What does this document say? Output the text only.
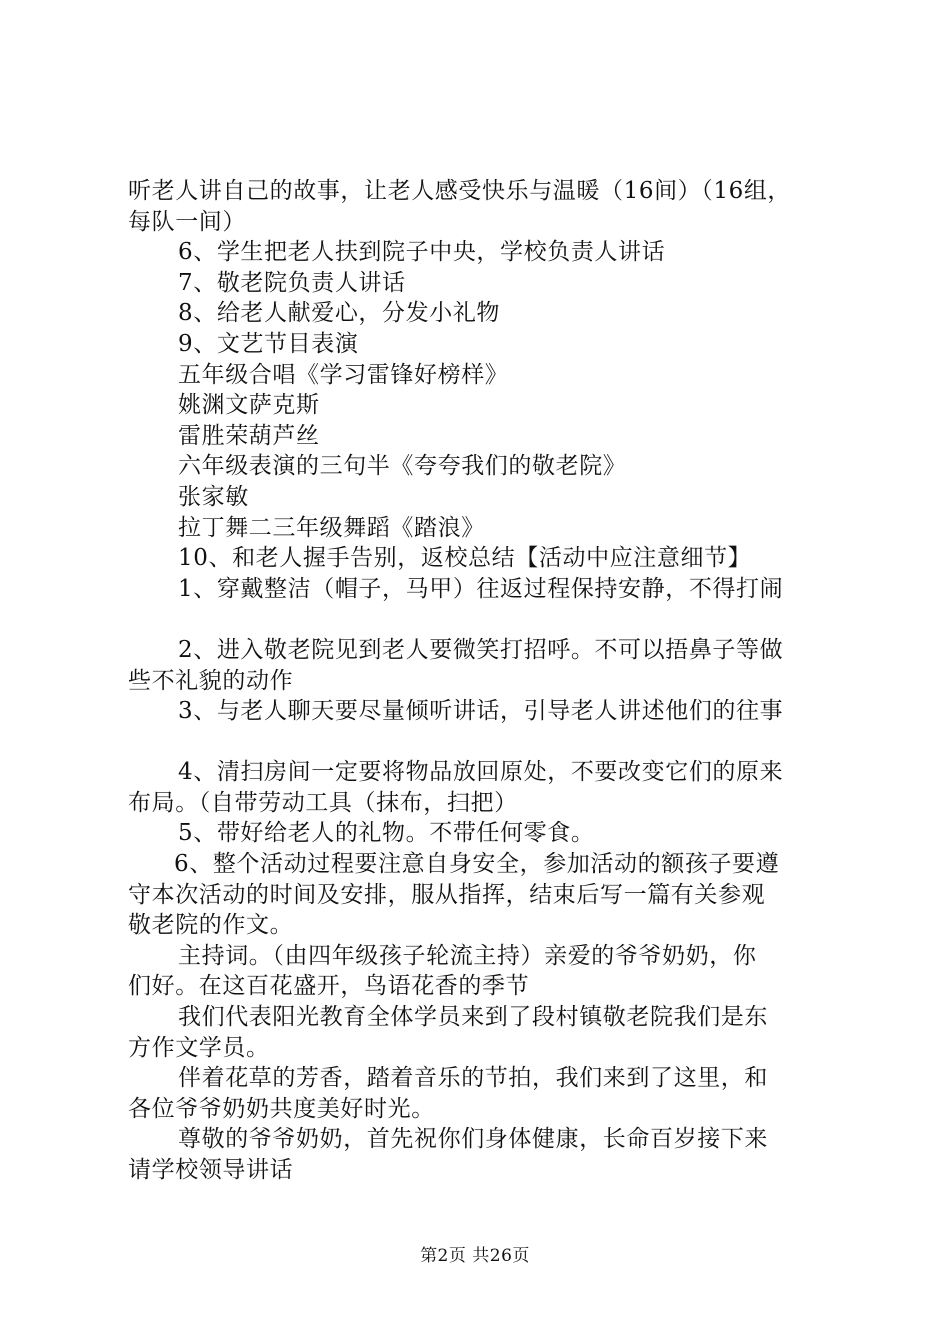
听老人讲自己的故事，让老人感受快乐与温暖（16间）（16组，
每队一间）
6、学生把老人扶到院子中央，学校负责人讲话
7、敬老院负责人讲话
8、给老人献爱心，分发小礼物
9、文艺节目表演
五年级合唱《学习雷锋好榜样》
姚渊文萨克斯
雷胜荣葫芦丝
六年级表演的三句半《夸夸我们的敬老院》
张家敏
拉丁舞二三年级舞蹈《踏浪》
10、和老人握手告别，返校总结【活动中应注意细节】
1、穿戴整洁（帽子，马甲）往返过程保持安静，不得打闹
2、进入敬老院见到老人要微笑打招呼。不可以捂鼻子等做
些不礼貌的动作
3、与老人聊天要尽量倾听讲话，引导老人讲述他们的往事
4、清扫房间一定要将物品放回原处，不要改变它们的原来
布局。（自带劳动工具（抹布，扫把）
5、带好给老人的礼物。不带任何零食。
6、整个活动过程要注意自身安全，参加活动的额孩子要遵
守本次活动的时间及安排，服从指挥，结束后写一篇有关参观
敬老院的作文。
主持词。（由四年级孩子轮流主持）亲爱的爷爷奶奶，你
们好。在这百花盛开，鸟语花香的季节
我们代表阳光教育全体学员来到了段村镇敬老院我们是东
方作文学员。
伴着花草的芳香，踏着音乐的节拍，我们来到了这里，和
各位爷爷奶奶共度美好时光。
尊敬的爷爷奶奶，首先祝你们身体健康，长命百岁接下来
请学校领导讲话
第2页 共26页
